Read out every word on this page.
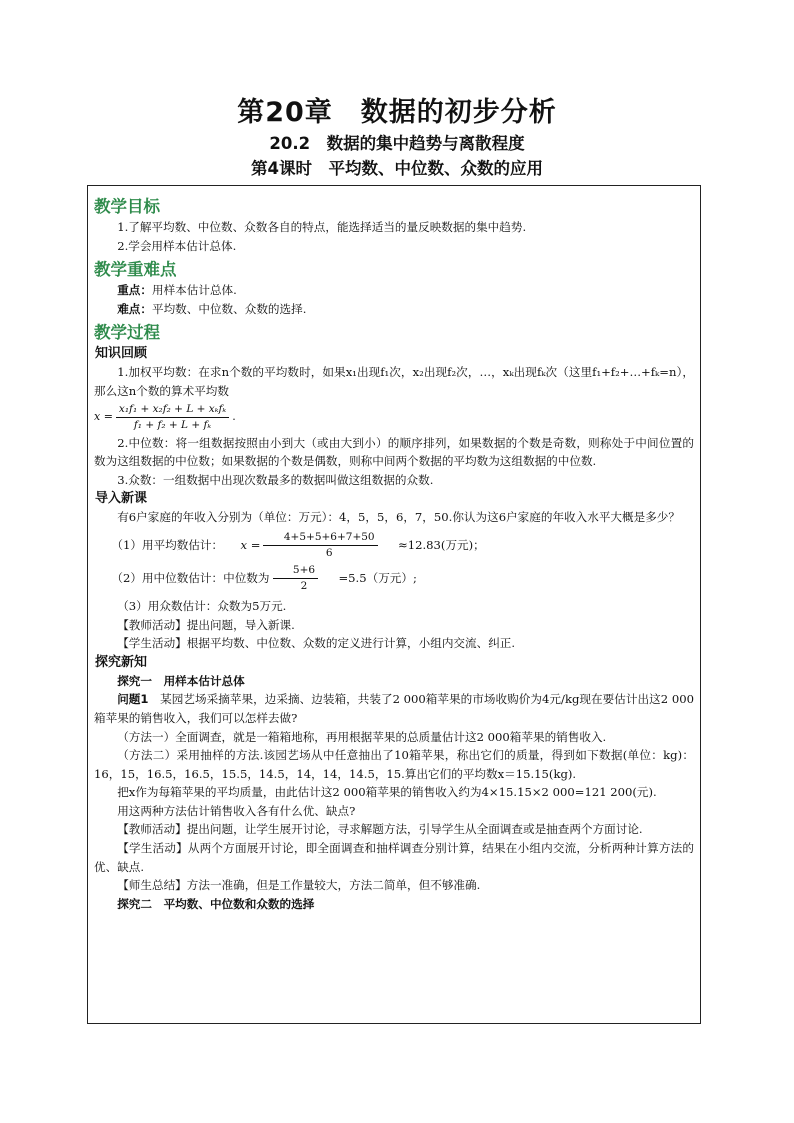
第20章　数据的初步分析
20.2　数据的集中趋势与离散程度
第4课时　平均数、中位数、众数的应用
教学目标

1.了解平均数、中位数、众数各自的特点，能选择适当的量反映数据的集中趋势.

2.学会用样本估计总体.

教学重难点

重点：用样本估计总体.

难点：平均数、中位数、众数的选择.

教学过程
知识回顾

1.加权平均数：在求n个数的平均数时，如果x₁出现f₁次，x₂出现f₂次，…，xₖ出现fₖ次（这里f₁+f₂+…+fₖ=n），那么这n个数的算术平均数

$x = \frac{\text{x₁f₁ + x₂f₂ + L + xₖfₖ}}{\text{f₁ + f₂ + L + fₖ}}$ .

2.中位数：将一组数据按照由小到大（或由大到小）的顺序排列，如果数据的个数是奇数，则称处于中间位置的数为这组数据的中位数；如果数据的个数是偶数，则称中间两个数据的平均数为这组数据的中位数.

3.众数：一组数据中出现次数最多的数据叫做这组数据的众数.

导入新课

有6户家庭的年收入分别为（单位：万元）：4，5，5，6，7，50.你认为这6户家庭的年收入水平大概是多少？

（1）用平均数估计：	$x = \frac{4+5+5+6+7+50}{6}$	≈12.83(万元)；
（2）用中位数估计：中位数为 $\frac{5+6}{2}$	=5.5（万元）;

（3）用众数估计：众数为5万元.

【教师活动】提出问题，导入新课.

【学生活动】根据平均数、中位数、众数的定义进行计算，小组内交流、纠正.

探究新知

探究一　用样本估计总体

问题1　 某园艺场采摘苹果，边采摘、边装箱，共装了2 000箱苹果的市场收购价为4元/kg现在要估计出这2 000箱苹果的销售收入，我们可以怎样去做?

（方法一）全面调查，就是一箱箱地称，再用根据苹果的总质量估计这2 000箱苹果的销售收入.

（方法二）采用抽样的方法.该园艺场从中任意抽出了10箱苹果，称出它们的质量，得到如下数据(单位：kg)：16，15，16.5，16.5，15.5，14.5，14，14，14.5，15.算出它们的平均数x＝15.15(kg).

把x作为每箱苹果的平均质量，由此估计这2 000箱苹果的销售收入约为4×15.15×2 000=121 200(元).

用这两种方法估计销售收入各有什么优、缺点?

【教师活动】提出问题，让学生展开讨论，寻求解题方法，引导学生从全面调查或是抽查两个方面讨论.

【学生活动】从两个方面展开讨论，即全面调查和抽样调查分别计算，结果在小组内交流，分析两种计算方法的优、缺点.

【师生总结】方法一准确，但是工作量较大，方法二简单，但不够准确.

探究二　平均数、中位数和众数的选择
